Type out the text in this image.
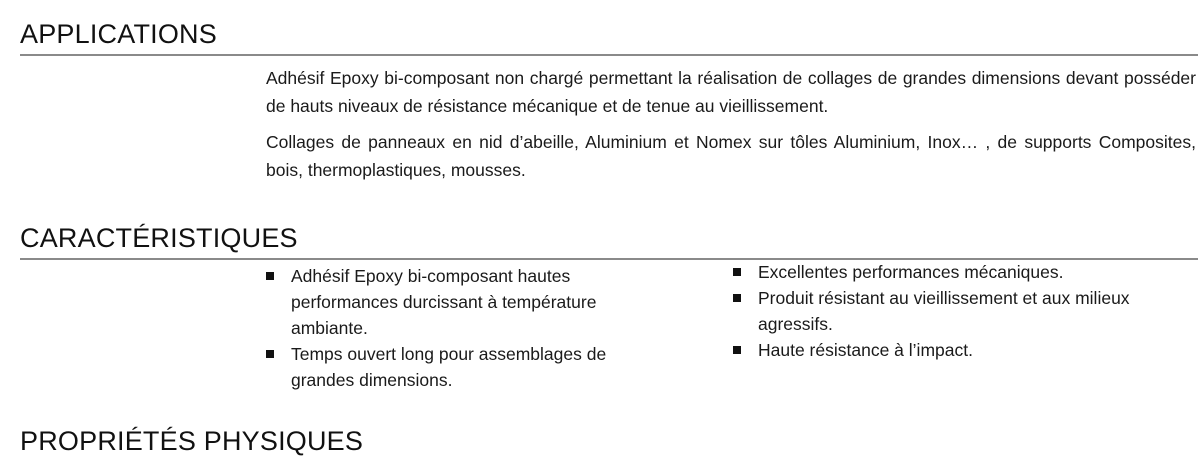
APPLICATIONS

Adhésif Epoxy bi-composant non chargé permettant la réalisation de collages de grandes dimensions devant posséder de hauts niveaux de résistance mécanique et de tenue au vieillissement.

Collages de panneaux en nid d’abeille, Aluminium et Nomex sur tôles Aluminium, Inox… , de supports Composites, bois, thermoplastiques, mousses.

CARACTÉRISTIQUES
Adhésif Epoxy bi-composant hautes performances durcissant à température ambiante.
Temps ouvert long pour assemblages de grandes dimensions.
Excellentes performances mécaniques.
Produit résistant au vieillissement et aux milieux agressifs.
Haute résistance à l’impact.
PROPRIÉTÉS PHYSIQUES
